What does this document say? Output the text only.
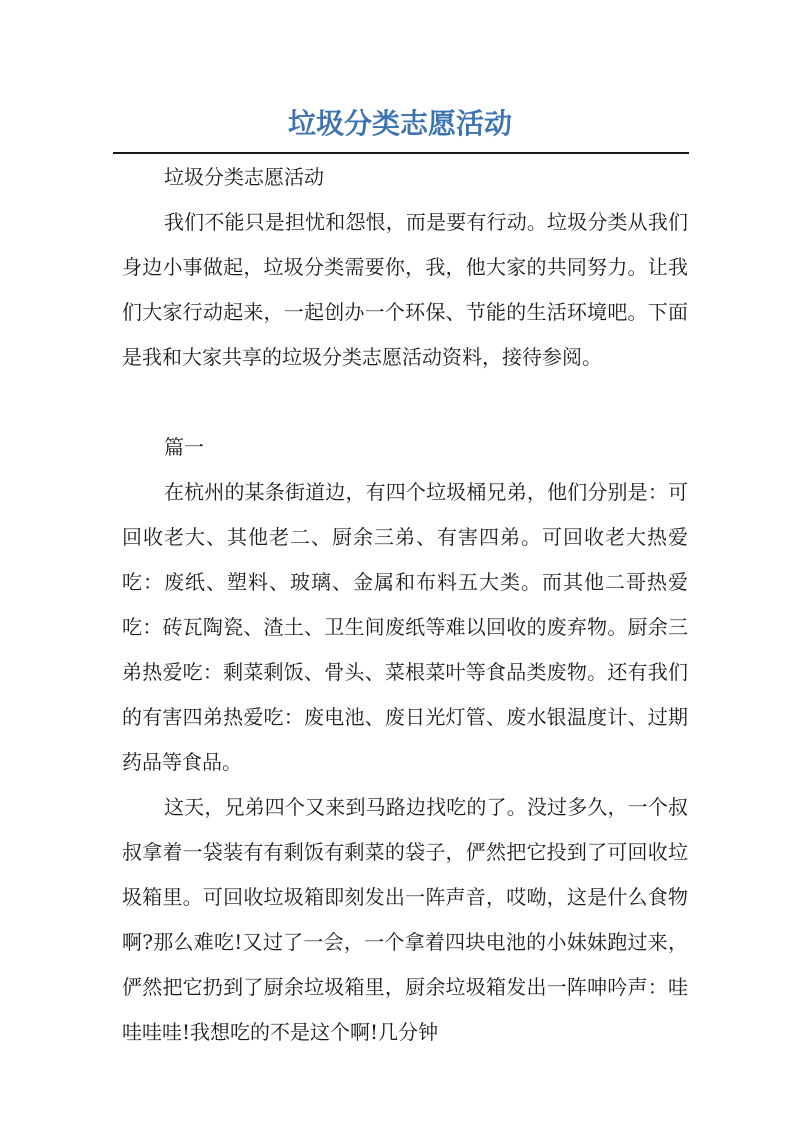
垃圾分类志愿活动

垃圾分类志愿活动

我们不能只是担忧和怨恨，而是要有行动。垃圾分类从我们身边小事做起，垃圾分类需要你，我，他大家的共同努力。让我们大家行动起来，一起创办一个环保、节能的生活环境吧。下面是我和大家共享的垃圾分类志愿活动资料，接待参阅。

篇一

在杭州的某条街道边，有四个垃圾桶兄弟，他们分别是：可回收老大、其他老二、厨余三弟、有害四弟。可回收老大热爱吃：废纸、塑料、玻璃、金属和布料五大类。而其他二哥热爱吃：砖瓦陶瓷、渣土、卫生间废纸等难以回收的废弃物。厨余三弟热爱吃：剩菜剩饭、骨头、菜根菜叶等食品类废物。还有我们的有害四弟热爱吃：废电池、废日光灯管、废水银温度计、过期药品等食品。

这天，兄弟四个又来到马路边找吃的了。没过多久，一个叔叔拿着一袋装有有剩饭有剩菜的袋子，俨然把它投到了可回收垃圾箱里。可回收垃圾箱即刻发出一阵声音，哎呦，这是什么食物啊?那么难吃!又过了一会，一个拿着四块电池的小妹妹跑过来，俨然把它扔到了厨余垃圾箱里，厨余垃圾箱发出一阵呻吟声：哇哇哇哇!我想吃的不是这个啊!几分钟
